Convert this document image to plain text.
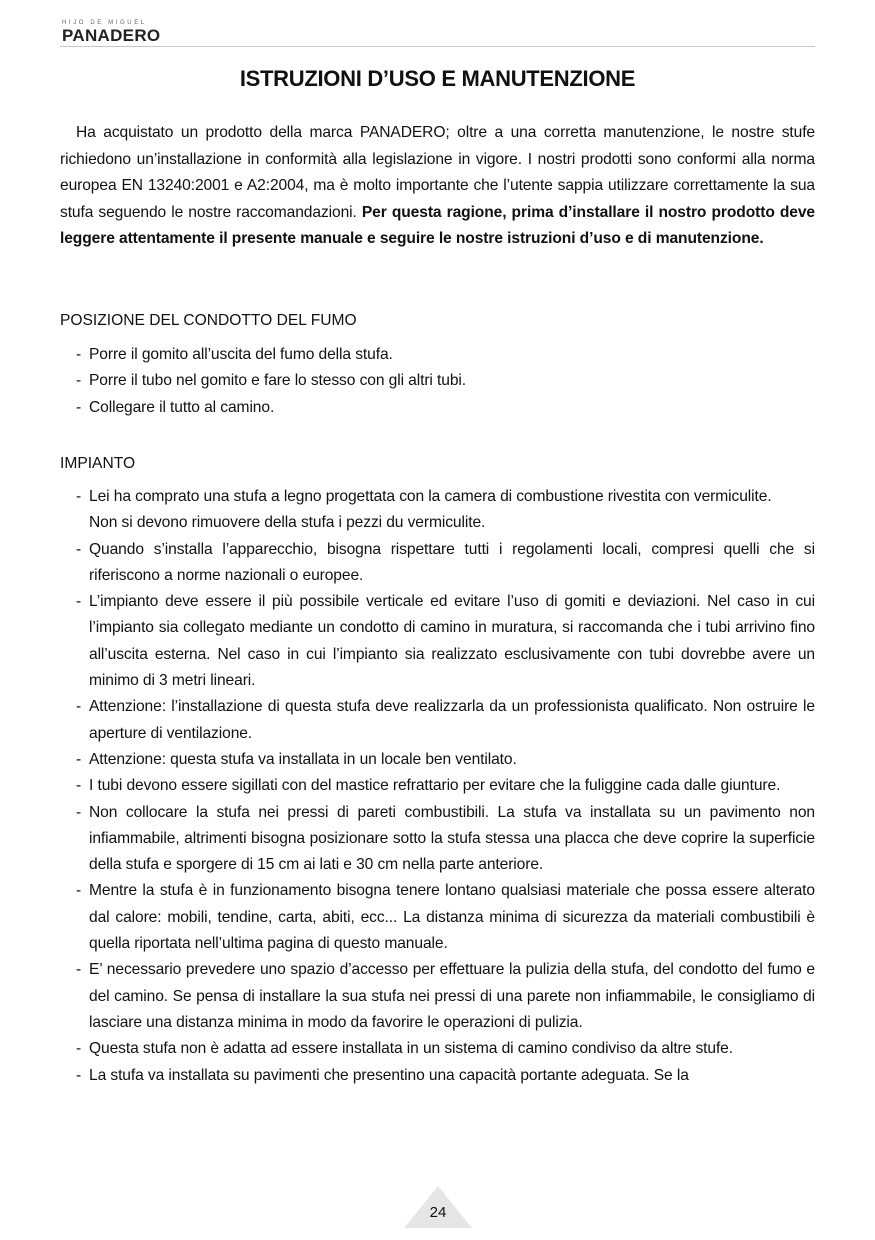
HIJO DE MIGUEL
PANADERO
ISTRUZIONI D’USO E MANUTENZIONE
Ha acquistato un prodotto della marca PANADERO; oltre a una corretta manutenzione, le nostre stufe richiedono un’installazione in conformità alla legislazione in vigore. I nostri prodotti sono conformi alla norma europea EN 13240:2001 e A2:2004, ma è molto importante che l’utente sappia utilizzare correttamente la sua stufa seguendo le nostre raccomandazioni. Per questa ragione, prima d’installare il nostro prodotto deve leggere attentamente il presente manuale e seguire le nostre istruzioni d’uso e di manutenzione.
POSIZIONE DEL CONDOTTO DEL FUMO
- Porre il gomito all’uscita del fumo della stufa.
- Porre il tubo nel gomito e fare lo stesso con gli altri tubi.
- Collegare il tutto al camino.
IMPIANTO
- Lei ha comprato una stufa a legno progettata con la camera di combustione rivestita con vermiculite.
Non si devono rimuovere della stufa i pezzi du vermiculite.
- Quando s’installa l’apparecchio, bisogna rispettare tutti i regolamenti locali, compresi quelli che si riferiscono a norme nazionali o europee.
- L’impianto deve essere il più possibile verticale ed evitare l’uso di gomiti e deviazioni. Nel caso in cui l’impianto sia collegato mediante un condotto di camino in muratura, si raccomanda che i tubi arrivino fino all’uscita esterna. Nel caso in cui l’impianto sia realizzato esclusivamente con tubi dovrebbe avere un minimo di 3 metri lineari.
- Attenzione: l’installazione di questa stufa deve realizzarla da un professionista qualificato. Non ostruire le aperture di ventilazione.
- Attenzione: questa stufa va installata in un locale ben ventilato.
- I tubi devono essere sigillati con del mastice refrattario per evitare che la fuliggine cada dalle giunture.
- Non collocare la stufa nei pressi di pareti combustibili. La stufa va installata su un pavimento non infiammabile, altrimenti bisogna posizionare sotto la stufa stessa una placca che deve coprire la superficie della stufa e sporgere di 15 cm ai lati e 30 cm nella parte anteriore.
- Mentre la stufa è in funzionamento bisogna tenere lontano qualsiasi materiale che possa essere alterato dal calore: mobili, tendine, carta, abiti, ecc... La distanza minima di sicurezza da materiali combustibili è quella riportata nell’ultima pagina di questo manuale.
- E’ necessario prevedere uno spazio d’accesso per effettuare la pulizia della stufa, del condotto del fumo e del camino. Se pensa di installare la sua stufa nei pressi di una parete non infiammabile, le consigliamo di lasciare una distanza minima in modo da favorire le operazioni di pulizia.
- Questa stufa non è adatta ad essere installata in un sistema di camino condiviso da altre stufe.
- La stufa va installata su pavimenti che presentino una capacità portante adeguata. Se la
24
